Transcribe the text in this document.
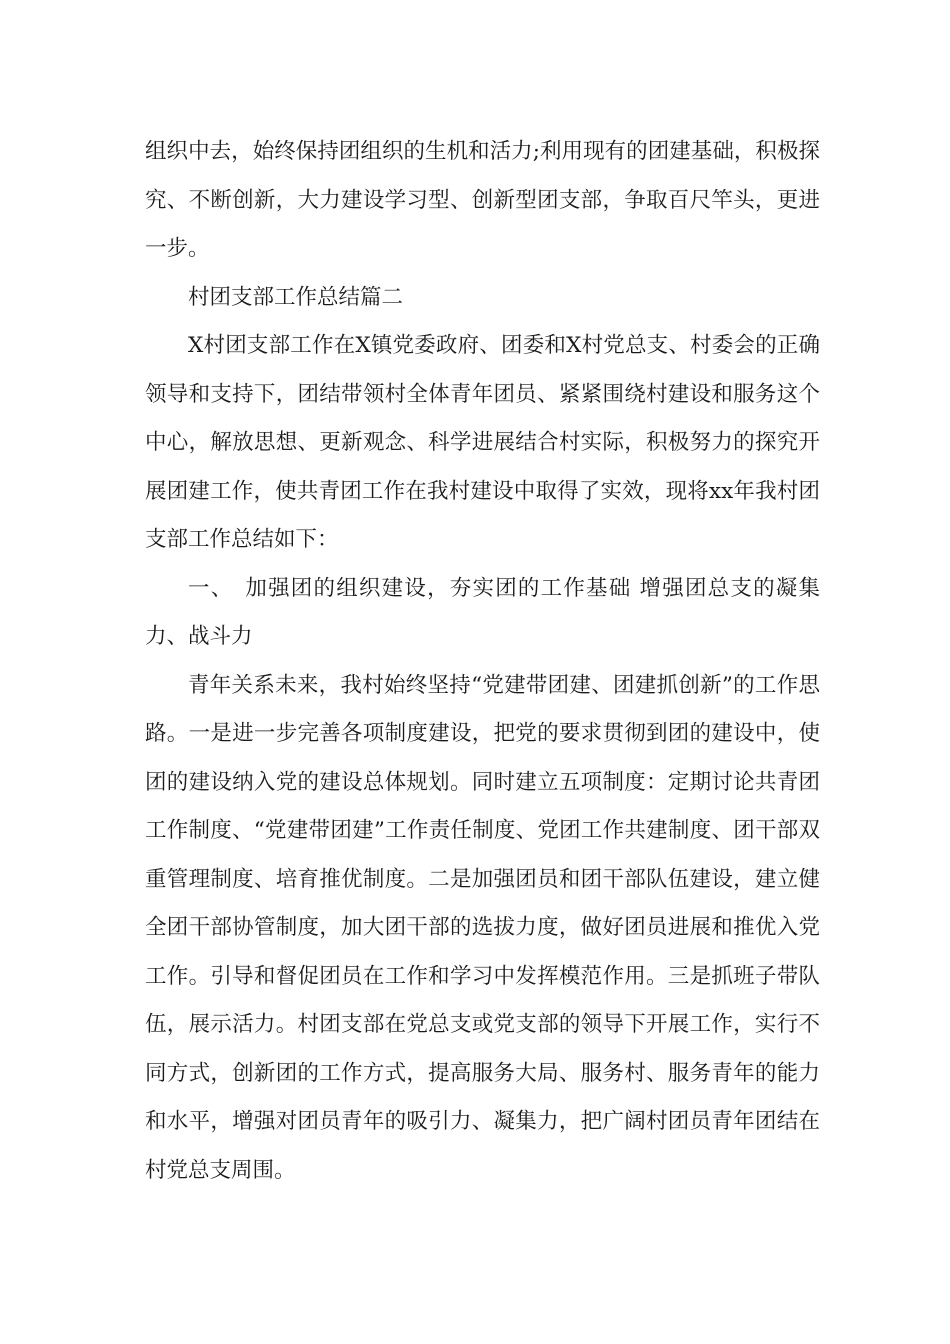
组织中去，始终保持团组织的生机和活力;利用现有的团建基础，积极探究、不断创新，大力建设学习型、创新型团支部，争取百尺竿头，更进一步。

村团支部工作总结篇二

X村团支部工作在X镇党委政府、团委和X村党总支、村委会的正确领导和支持下，团结带领村全体青年团员、紧紧围绕村建设和服务这个中心，解放思想、更新观念、科学进展结合村实际，积极努力的探究开展团建工作，使共青团工作在我村建设中取得了实效，现将xx年我村团支部工作总结如下：

一、　加强团的组织建设，夯实团的工作基础 增强团总支的凝集力、战斗力

青年关系未来，我村始终坚持“党建带团建、团建抓创新”的工作思路。一是进一步完善各项制度建设，把党的要求贯彻到团的建设中，使团的建设纳入党的建设总体规划。同时建立五项制度：定期讨论共青团工作制度、“党建带团建”工作责任制度、党团工作共建制度、团干部双重管理制度、培育推优制度。二是加强团员和团干部队伍建设，建立健全团干部协管制度，加大团干部的选拔力度，做好团员进展和推优入党工作。引导和督促团员在工作和学习中发挥模范作用。三是抓班子带队伍，展示活力。村团支部在党总支或党支部的领导下开展工作，实行不同方式，创新团的工作方式，提高服务大局、服务村、服务青年的能力和水平，增强对团员青年的吸引力、凝集力，把广阔村团员青年团结在村党总支周围。
